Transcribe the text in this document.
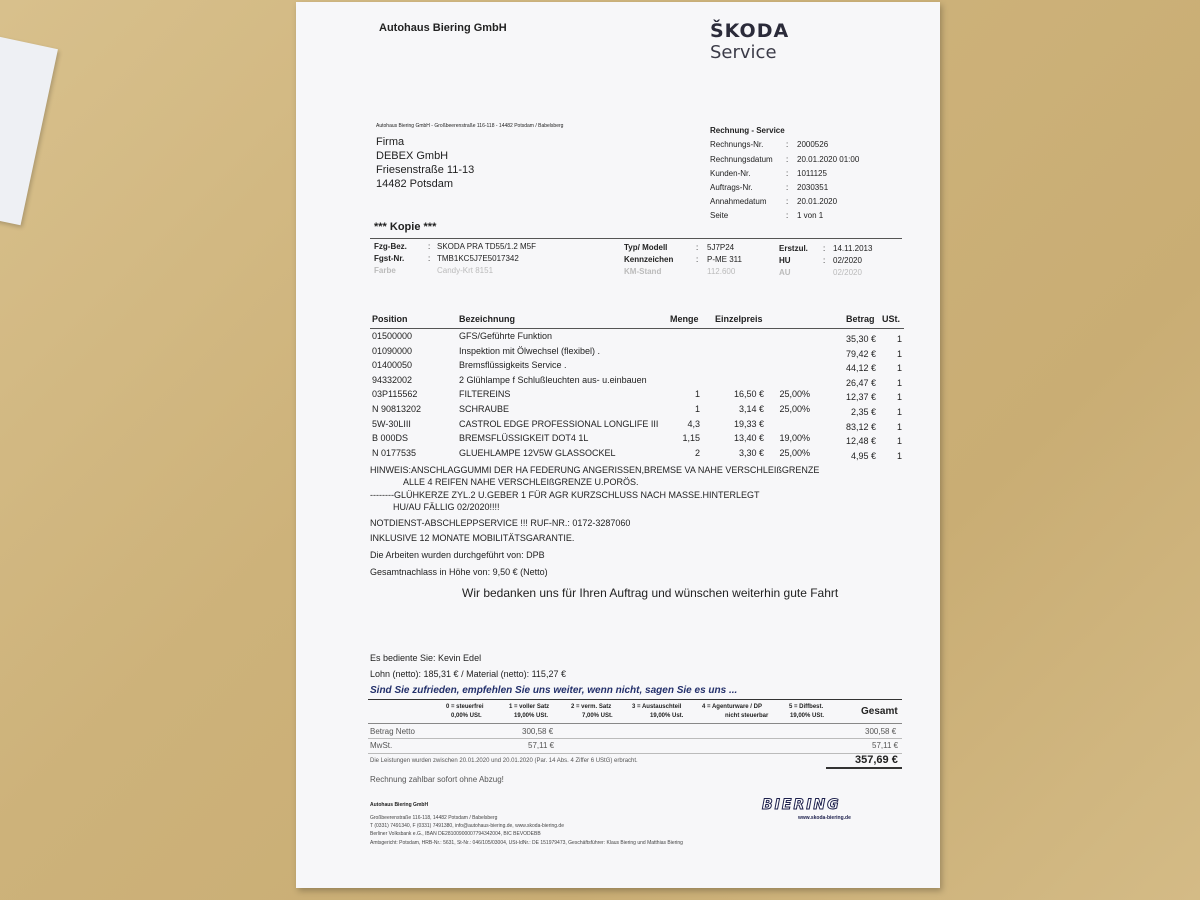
Autohaus Biering GmbH	ŠKODA
Service
Autohaus Biering GmbH - Großbeerenstraße 116-118 - 14482 Potsdam / Babelsberg
Firma
DEBEX GmbH
Friesenstraße 11-13
14482 Potsdam
Rechnung - Service
Rechnungs-Nr.	: 2000526
Rechnungsdatum : 20.01.2020 01:00
Kunden-Nr.	: 1011125
Auftrags-Nr.	: 2030351
Annahmedatum : 20.01.2020
Seite	: 1 von 1
*** Kopie ***
Fzg-Bez.	: SKODA PRA TD55/1.2 M5F	Typ/ Modell	: 5J7P24	Erstzul. : 14.11.2013
Fgst-Nr.	: TMB1KC5J7E5017342	Kennzeichen	: P-ME 311	HU	: 02/2020
Farbe	Candy-Krt 8151	KM-Stand	112.600	AU	02/2020
Position	Bezeichnung	Menge Einzelpreis	Betrag USt.
01500000	GFS/Geführte Funktion	35,30 € 1
01090000	Inspektion mit Ölwechsel (flexibel) .	79,42 € 1
01400050	Bremsflüssigkeits Service .	44,12 € 1
94332002	2 Glühlampe f Schlußleuchten aus- u.einbauen	26,47 € 1
03P115562	FILTEREINS	1	16,50 € 25,00%	12,37 € 1
N 90813202	SCHRAUBE	1	3,14 € 25,00%	2,35 € 1
5W-30LIII	CASTROL EDGE PROFESSIONAL LONGLIFE III	4,3	19,33 €	83,12 € 1
B 000DS	BREMSFLÜSSIGKEIT DOT4 1L	1,15	13,40 € 19,00%	12,48 € 1
N 0177535	GLUEHLAMPE 12V5W GLASSOCKEL	2	3,30 € 25,00%	4,95 € 1
HINWEIS:ANSCHLAGGUMMI DER HA FEDERUNG ANGERISSEN,BREMSE VA NAHE VERSCHLEIßGRENZE
ALLE 4 REIFEN NAHE VERSCHLEIßGRENZE U.PORÖS.
--------GLÜHKERZE ZYL.2 U.GEBER 1 FÜR AGR KURZSCHLUSS NACH MASSE.HINTERLEGT
HU/AU FÄLLIG 02/2020!!!!
NOTDIENST-ABSCHLEPPSERVICE !!! RUF-NR.: 0172-3287060
INKLUSIVE 12 MONATE MOBILITÄTSGARANTIE.
Die Arbeiten wurden durchgeführt von: DPB
Gesamtnachlass in Höhe von: 9,50 € (Netto)
Wir bedanken uns für Ihren Auftrag und wünschen weiterhin gute Fahrt
Es bediente Sie: Kevin Edel
Lohn (netto): 185,31 € / Material (netto): 115,27 €
Sind Sie zufrieden, empfehlen Sie uns weiter, wenn nicht, sagen Sie es uns ...
0 = steuerfrei
0,00% USt.
1 = voller Satz
19,00% USt.
2 = verm. Satz
7,00% USt.
3 = Austauschteil
19,00% Ust.
4 = Agenturware / DP
nicht steuerbar
5 = Diffbest.
19,00% USt.	Gesamt
Betrag Netto	300,58 €	300,58 €
MwSt.	57,11 €	57,11 €
Die Leistungen wurden zwischen 20.01.2020 und 20.01.2020 (Par. 14 Abs. 4 Ziffer 6 UStG) erbracht.	357,69 €
Rechnung zahlbar sofort ohne Abzug!
Autohaus Biering GmbH
Großbeerenstraße 116-118, 14482 Potsdam / Babelsberg
T (0331) 7491340, F (0331) 7491380, info@autohaus-biering.de, www.skoda-biering.de
Berliner Volksbank e.G., IBAN DE28100900007794342004, BIC BEVODEBB
Amtsgericht: Potsdam, HRB-Nr.: 5631, St-Nr.: 046/105/03004, USt-IdNr.: DE 151979473, Geschäftsführer: Klaus Biering und Matthias Biering
BIERING
www.skoda-biering.de
